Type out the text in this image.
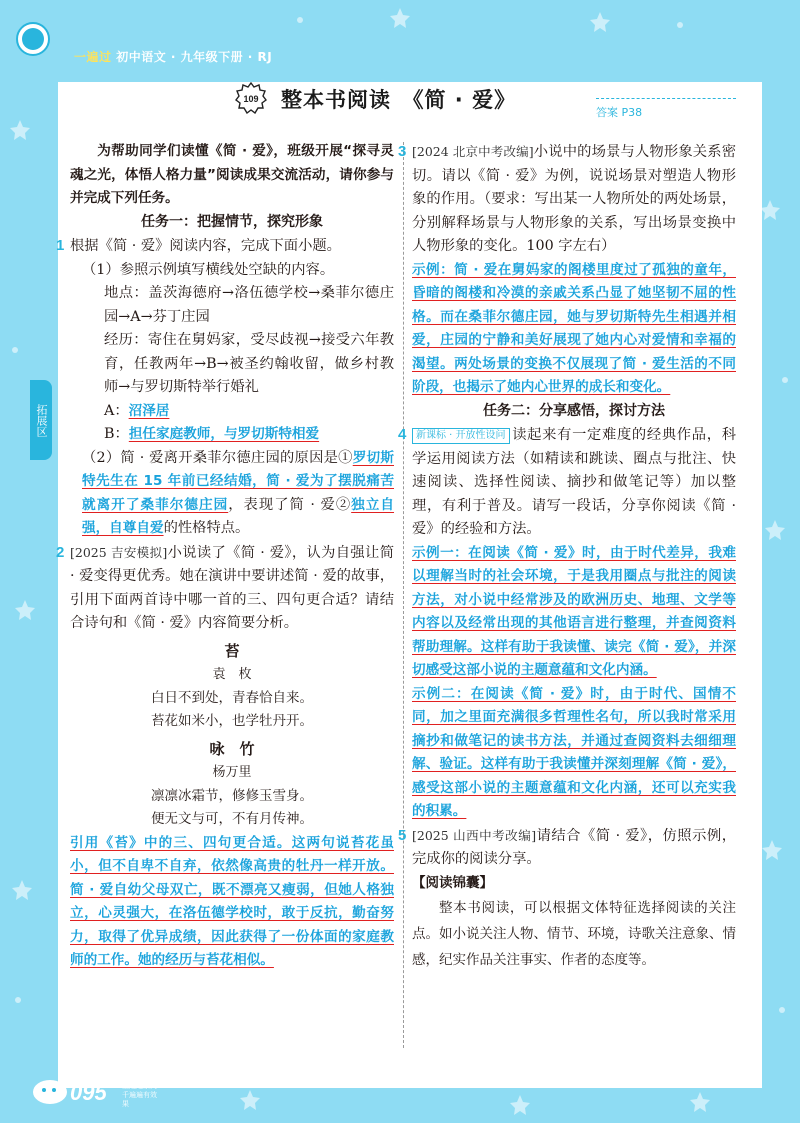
一遍过 初中语文 · 九年级下册 · RJ
109 整本书阅读　《简 · 爱》
答案 P38
拓展区

为帮助同学们读懂《简 · 爱》，班级开展“探寻灵魂之光，体悟人格力量”阅读成果交流活动，请你参与并完成下列任务。

任务一：把握情节，探究形象

1 根据《简 · 爱》阅读内容，完成下面小题。

（1）参照示例填写横线处空缺的内容。

地点：盖茨海德府→洛伍德学校→桑菲尔德庄园→A→芬丁庄园

经历：寄住在舅妈家，受尽歧视→接受六年教育，任教两年→B→被圣约翰收留，做乡村教师→与罗切斯特举行婚礼

A：沼泽居

B：担任家庭教师，与罗切斯特相爱

（2）简 · 爱离开桑菲尔德庄园的原因是①罗切斯特先生在 15 年前已经结婚，简 · 爱为了摆脱痛苦就离开了桑菲尔德庄园，表现了简 · 爱②独立自强，自尊自爱的性格特点。

2 [2025 吉安模拟]小说读了《简 · 爱》，认为自强让简 · 爱变得更优秀。她在演讲中要讲述简 · 爱的故事，引用下面两首诗中哪一首的三、四句更合适？请结合诗句和《简 · 爱》内容简要分析。

苔

袁　枚

白日不到处，青春恰自来。

苔花如米小，也学牡丹开。

咏　竹

杨万里

凛凛冰霜节，修修玉雪身。

便无文与可，不有月传神。

引用《苔》中的三、四句更合适。这两句说苔花虽小，但不自卑不自弃，依然像高贵的牡丹一样开放。简 · 爱自幼父母双亡，既不漂亮又瘦弱，但她人格独立，心灵强大，在洛伍德学校时，敢于反抗，勤奋努力，取得了优异成绩，因此获得了一份体面的家庭教师的工作。她的经历与苔花相似。

3 [2024 北京中考改编]小说中的场景与人物形象关系密切。请以《简 · 爱》为例，说说场景对塑造人物形象的作用。（要求：写出某一人物所处的两处场景，分别解释场景与人物形象的关系，写出场景变换中人物形象的变化。100 字左右）

示例：简 · 爱在舅妈家的阁楼里度过了孤独的童年，昏暗的阁楼和冷漠的亲戚关系凸显了她坚韧不屈的性格。而在桑菲尔德庄园，她与罗切斯特先生相遇并相爱，庄园的宁静和美好展现了她内心对爱情和幸福的渴望。两处场景的变换不仅展现了简 · 爱生活的不同阶段，也揭示了她内心世界的成长和变化。

任务二：分享感悟，探讨方法

4 新课标 · 开放性设问 读起来有一定难度的经典作品，科学运用阅读方法（如精读和跳读、圈点与批注、快速阅读、选择性阅读、摘抄和做笔记等）加以整理，有利于普及。请写一段话，分享你阅读《简 · 爱》的经验和方法。

示例一：在阅读《简 · 爱》时，由于时代差异，我难以理解当时的社会环境，于是我用圈点与批注的阅读方法，对小说中经常涉及的欧洲历史、地理、文学等内容以及经常出现的其他语言进行整理，并查阅资料帮助理解。这样有助于我读懂、读完《简 · 爱》，并深切感受这部小说的主题意蕴和文化内涵。

示例二：在阅读《简 · 爱》时，由于时代、国情不同，加之里面充满很多哲理性名句，所以我时常采用摘抄和做笔记的读书方法，并通过查阅资料去细细理解、验证。这样有助于我读懂并深刻理解《简 · 爱》，感受这部小说的主题意蕴和文化内涵，还可以充实我的积累。

5 [2025 山西中考改编]请结合《简 · 爱》，仿照示例，完成你的阅读分享。

【阅读锦囊】

整本书阅读，可以根据文体特征选择阅读的关注点。如小说关注人物、情节、环境，诗歌关注意象、情感，纪实作品关注事实、作者的态度等。

095 上遍过系列 千遍遍有效果
